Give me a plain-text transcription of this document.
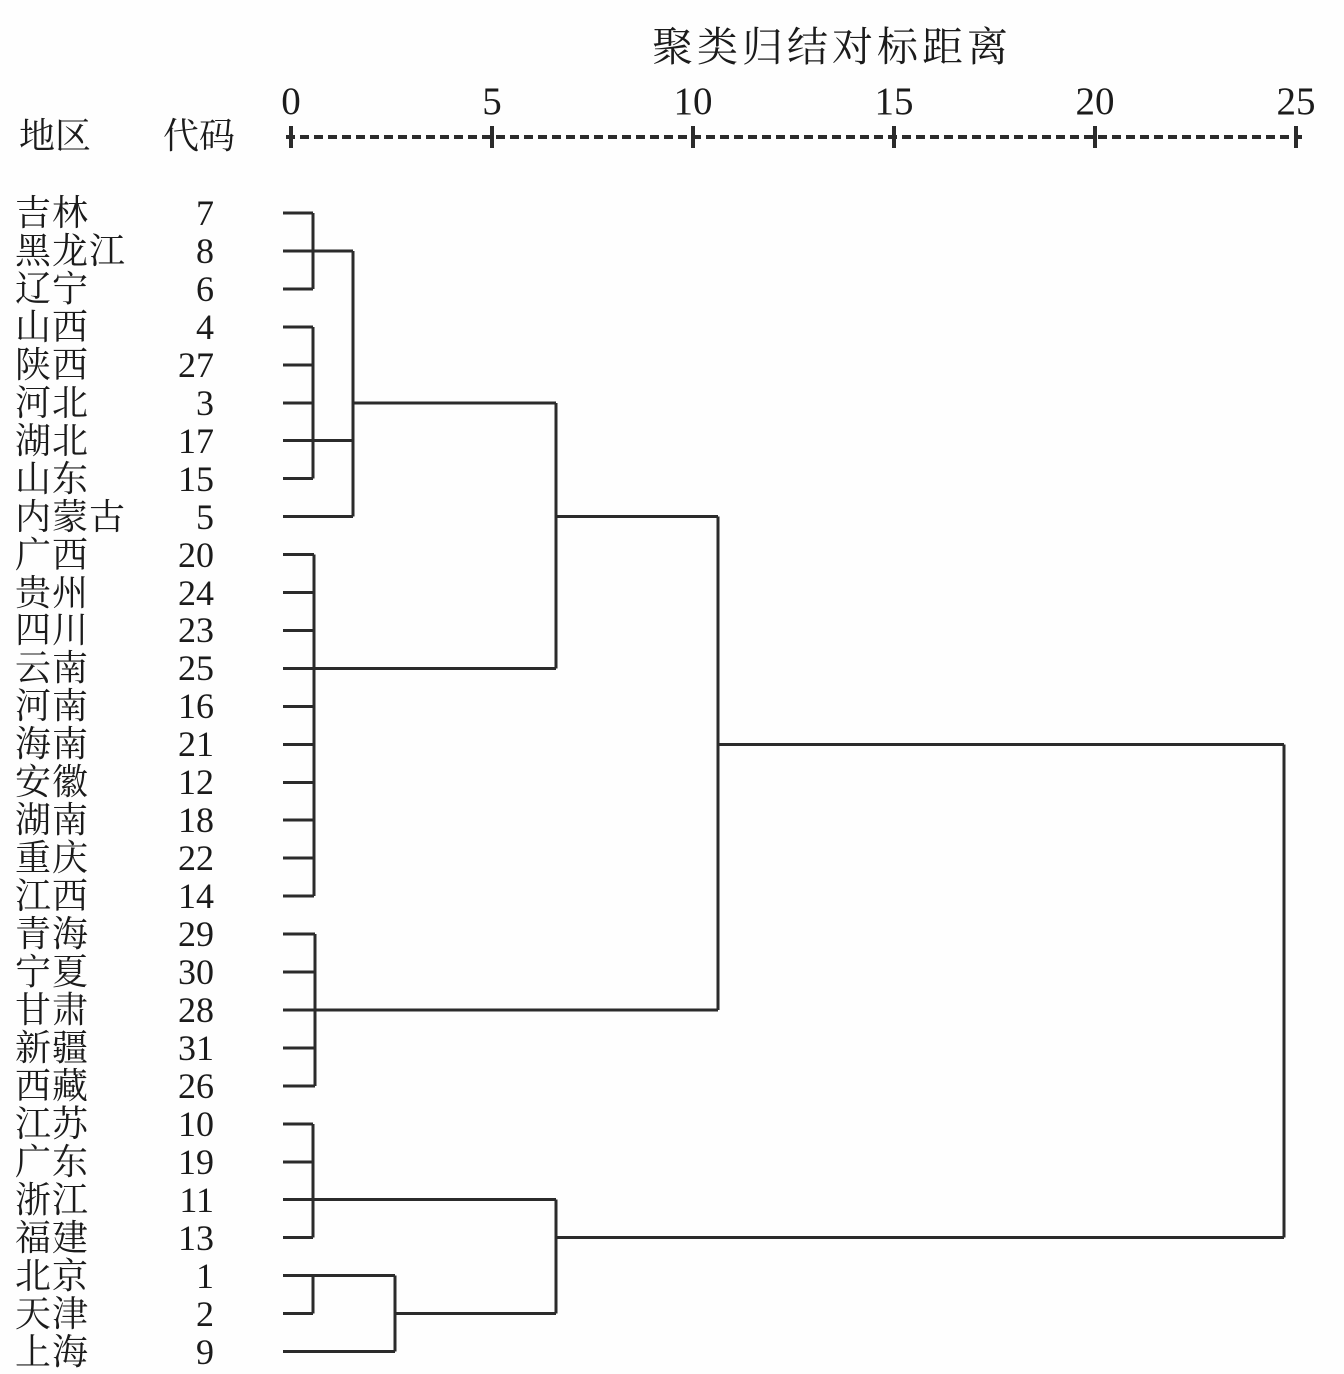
聚类归结对标距离
地区 代码
0	5	10	15	20	25
吉林	7
黑龙江	8
辽宁	6
山西	4
陕西	27
河北	3
湖北	17
山东	15
内蒙古	5
广西	20
贵州	24
四川	23
云南	25
河南	16
海南	21
安徽	12
湖南	18
重庆	22
江西	14
青海	29
宁夏	30
甘肃	28
新疆	31
西藏	26
江苏	10
广东	19
浙江	11
福建	13
北京	1
天津	2
上海	9
